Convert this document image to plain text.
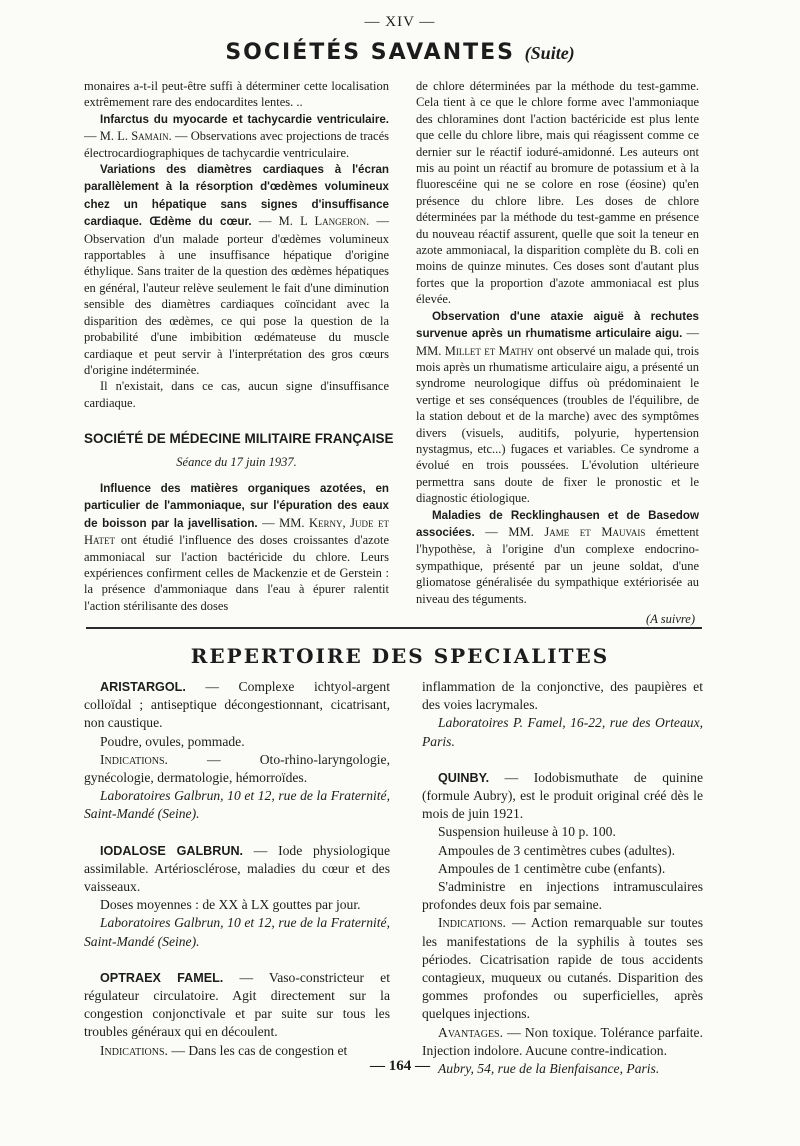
— XIV —
SOCIÉTÉS SAVANTES (Suite)

monaires a-t-il peut-être suffi à déterminer cette localisation extrêmement rare des endocardites lentes. ..

Infarctus du myocarde et tachycardie ventriculaire. — M. L. Samain. — Observations avec projections de tracés électrocardiographiques de tachycardie ventriculaire.

Variations des diamètres cardiaques à l'écran parallèlement à la résorption d'œdèmes volumineux chez un hépatique sans signes d'insuffisance cardiaque. Œdème du cœur. — M. L Langeron. — Observation d'un malade porteur d'œdèmes volumineux rapportables à une insuffisance hépatique d'origine éthylique. Sans traiter de la question des œdèmes hépatiques en général, l'auteur relève seulement le fait d'une diminution sensible des diamètres cardiaques coïncidant avec la disparition des œdèmes, ce qui pose la question de la probabilité d'une imbibition œdémateuse du muscle cardiaque et peut servir à l'interprétation des gros cœurs d'origine indéterminée.

Il n'existait, dans ce cas, aucun signe d'insuffisance cardiaque.

SOCIÉTÉ DE MÉDECINE MILITAIRE FRANÇAISE
Séance du 17 juin 1937.

Influence des matières organiques azotées, en particulier de l'ammoniaque, sur l'épuration des eaux de boisson par la javellisation. — MM. Kerny, Jude et Hatet ont étudié l'influence des doses croissantes d'azote ammoniacal sur l'action bactéricide du chlore. Leurs expériences confirment celles de Mackenzie et de Gerstein : la présence d'ammoniaque dans l'eau à épurer ralentit l'action stérilisante des doses

de chlore déterminées par la méthode du test-gamme. Cela tient à ce que le chlore forme avec l'ammoniaque des chloramines dont l'action bactéricide est plus lente que celle du chlore libre, mais qui réagissent comme ce dernier sur le réactif ioduré-amidonné. Les auteurs ont mis au point un réactif au bromure de potassium et à la fluorescéine qui ne se colore en rose (éosine) qu'en présence du chlore libre. Les doses de chlore déterminées par la méthode du test-gamme en présence du nouveau réactif assurent, quelle que soit la teneur en azote ammoniacal, la disparition complète du B. coli en moins de quinze minutes. Ces doses sont d'autant plus fortes que la proportion d'azote ammoniacal est plus élevée.

Observation d'une ataxie aiguë à rechutes survenue après un rhumatisme articulaire aigu. — MM. Millet et Mathy ont observé un malade qui, trois mois après un rhumatisme articulaire aigu, a présenté un syndrome neurologique diffus où prédominaient le vertige et ses conséquences (troubles de l'équilibre, de la station debout et de la marche) avec des symptômes divers (visuels, auditifs, polyurie, hypertension nystagmus, etc...) fugaces et variables. Ce syndrome a évolué en trois poussées. L'évolution ultérieure permettra sans doute de fixer le pronostic et le diagnostic étiologique.

Maladies de Recklinghausen et de Basedow associées. — MM. Jame et Mauvais émettent l'hypothèse, à l'origine d'un complexe endocrino-sympathique, présenté par un jeune soldat, d'une gliomatose généralisée du sympathique extériorisée au niveau des téguments.

(A suivre)
REPERTOIRE DES SPECIALITES

ARISTARGOL. — Complexe ichtyol-argent colloïdal ; antiseptique décongestionnant, cicatrisant, non caustique.

Poudre, ovules, pommade.

Indications.	— Oto-rhino-laryngologie, gynécologie, dermatologie, hémorroïdes.

Laboratoires Galbrun, 10 et 12, rue de la Fraternité, Saint-Mandé (Seine).

IODALOSE GALBRUN. — Iode physiologique assimilable. Artériosclérose, maladies du cœur et des vaisseaux.

Doses moyennes : de XX à LX gouttes par jour.

Laboratoires Galbrun, 10 et 12, rue de la Fraternité, Saint-Mandé (Seine).

OPTRAEX FAMEL. — Vaso-constricteur et régulateur circulatoire. Agit directement sur la congestion conjonctivale et par suite sur tous les troubles généraux qui en découlent.

Indications. — Dans les cas de congestion et

inflammation de la conjonctive, des paupières et des voies lacrymales.

Laboratoires P. Famel, 16-22, rue des Orteaux, Paris.

QUINBY. — Iodobismuthate de quinine (formule Aubry), est le produit original créé dès le mois de juin 1921.

Suspension huileuse à 10 p. 100.

Ampoules de 3 centimètres cubes (adultes).

Ampoules de 1 centimètre cube (enfants).

S'administre en injections intramusculaires profondes deux fois par semaine.

Indications. — Action remarquable sur toutes les manifestations de la syphilis à toutes ses périodes. Cicatrisation rapide de tous accidents contagieux, muqueux ou cutanés. Disparition des gommes profondes ou superficielles, après quelques injections.

Avantages. — Non toxique. Tolérance parfaite. Injection indolore. Aucune contre-indication.

Aubry, 54, rue de la Bienfaisance, Paris.

— 164 —
